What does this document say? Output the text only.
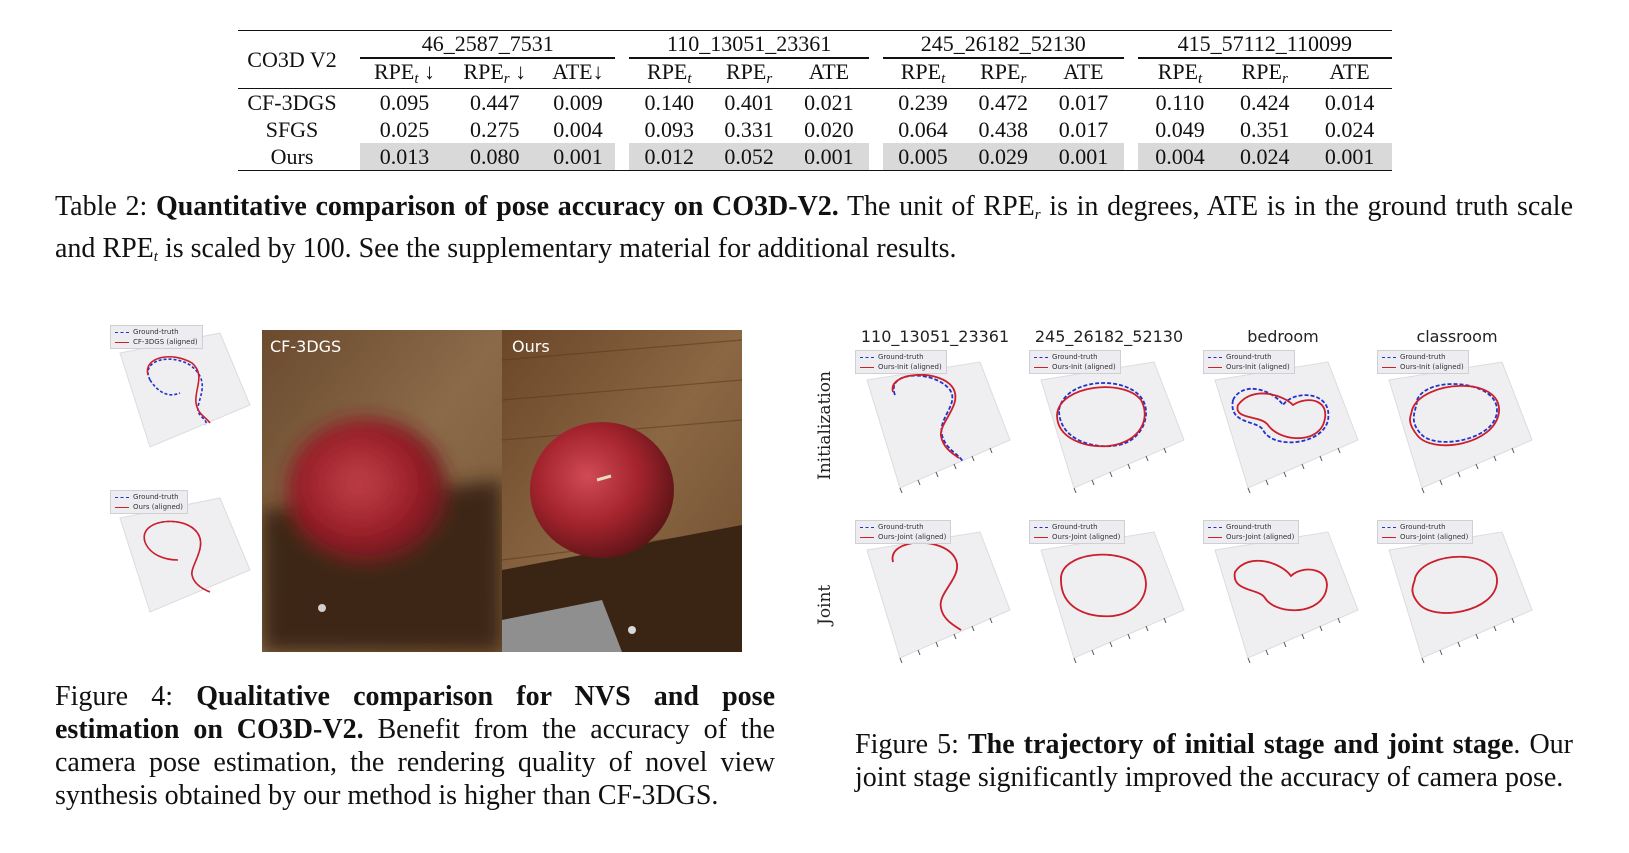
CO3D V2		46_2587_7531				110_13051_23361				245_26182_52130				415_57112_110099		
		$RPE_t$ ↓	$RPE_r$ ↓	ATE↓		$RPE_t$	$RPE_r$	ATE		$RPE_t$	$RPE_r$	ATE		$RPE_t$	$RPE_r$	ATE
CF-3DGS		0.095	0.447	0.009		0.140	0.401	0.021		0.239	0.472	0.017		0.110	0.424	0.014
SFGS		0.025	0.275	0.004		0.093	0.331	0.020		0.064	0.438	0.017		0.049	0.351	0.024
Ours		0.013	0.080	0.001		0.012	0.052	0.001		0.005	0.029	0.001		0.004	0.024	0.001
Table 2: Quantitative comparison of pose accuracy on CO3D-V2. The unit of $RPE_r$ is in degrees, ATE is in the ground truth scale and $RPE_t$ is scaled by 100. See the supplementary material for additional results.
Ground-truth
CF-3DGS (aligned)
Ground-truth
Ours (aligned)
CF-3DGS	Ours
Figure 4: Qualitative comparison for NVS and pose estimation on CO3D-V2. Benefit from the accuracy of the camera pose estimation, the rendering quality of novel view synthesis obtained by our method is higher than CF-3DGS.
110_13051_23361	245_26182_52130	bedroom	classroom
Initialization
Joint
Ground-truth
Ours-Init (aligned)
Ground-truth
Ours-Init (aligned)
Ground-truth
Ours-Init (aligned)
Ground-truth
Ours-Init (aligned)
Ground-truth
Ours-Joint (aligned)
Ground-truth
Ours-Joint (aligned)
Ground-truth
Ours-Joint (aligned)
Ground-truth
Ours-Joint (aligned)
Figure 5: The trajectory of initial stage and joint stage. Our joint stage significantly improved the accuracy of camera pose.
